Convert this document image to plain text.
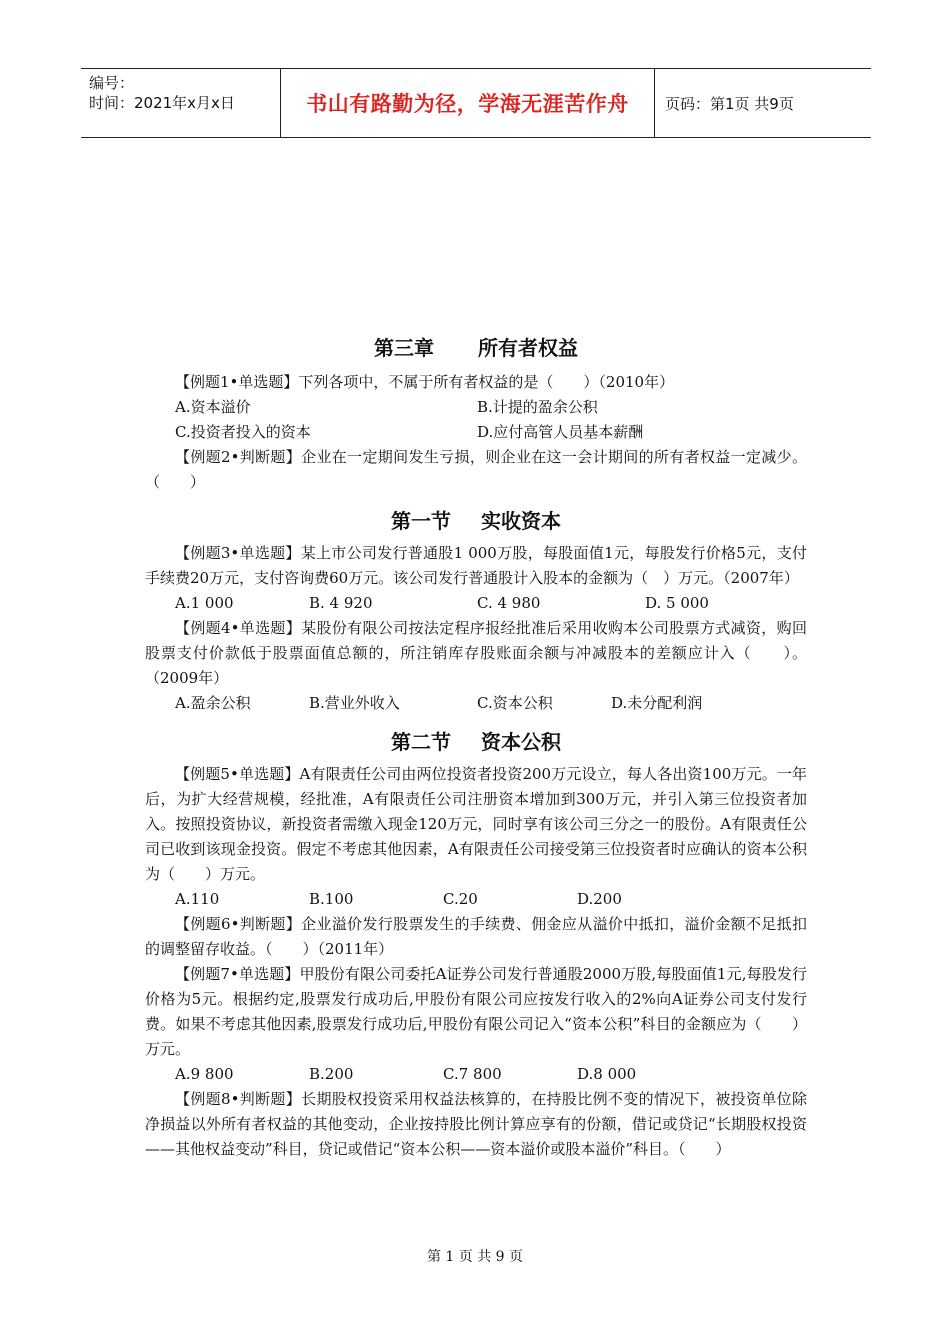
编号：
时间：2021年x月x日	书山有路勤为径，学海无涯苦作舟 页码：第1页 共9页
第三章 所有者权益

【例题1•单选题】下列各项中，不属于所有者权益的是（　　）（2010年）

A.资本溢价	B.计提的盈余公积
C.投资者投入的资本	D.应付高管人员基本薪酬

【例题2•判断题】企业在一定期间发生亏损，则企业在这一会计期间的所有者权益一定减少。（　　）

第一节 实收资本

【例题3•单选题】某上市公司发行普通股1 000万股，每股面值1元，每股发行价格5元，支付手续费20万元，支付咨询费60万元。该公司发行普通股计入股本的金额为（　）万元。（2007年）

A.1 000	B. 4 920	C. 4 980	D. 5 000

【例题4•单选题】某股份有限公司按法定程序报经批准后采用收购本公司股票方式减资，购回股票支付价款低于股票面值总额的，所注销库存股账面余额与冲减股本的差额应计入（　　）。（2009年）

A.盈余公积	B.营业外收入	C.资本公积	D.未分配利润
第二节 资本公积

【例题5•单选题】A有限责任公司由两位投资者投资200万元设立，每人各出资100万元。一年后，为扩大经营规模，经批准，A有限责任公司注册资本增加到300万元，并引入第三位投资者加入。按照投资协议，新投资者需缴入现金120万元，同时享有该公司三分之一的股份。A有限责任公司已收到该现金投资。假定不考虑其他因素，A有限责任公司接受第三位投资者时应确认的资本公积为（　　）万元。

A.110	B.100	C.20	D.200

【例题6•判断题】企业溢价发行股票发生的手续费、佣金应从溢价中抵扣，溢价金额不足抵扣的调整留存收益。（　　）（2011年）

【例题7•单选题】甲股份有限公司委托A证券公司发行普通股2000万股,每股面值1元,每股发行价格为5元。根据约定,股票发行成功后,甲股份有限公司应按发行收入的2%向A证券公司支付发行费。如果不考虑其他因素,股票发行成功后,甲股份有限公司记入“资本公积”科目的金额应为（　　）万元。

A.9 800	B.200	C.7 800	D.8 000

【例题8•判断题】长期股权投资采用权益法核算的，在持股比例不变的情况下，被投资单位除净损益以外所有者权益的其他变动，企业按持股比例计算应享有的份额，借记或贷记“长期股权投资——其他权益变动”科目，贷记或借记“资本公积——资本溢价或股本溢价”科目。（　　）

第 1 页 共 9 页
